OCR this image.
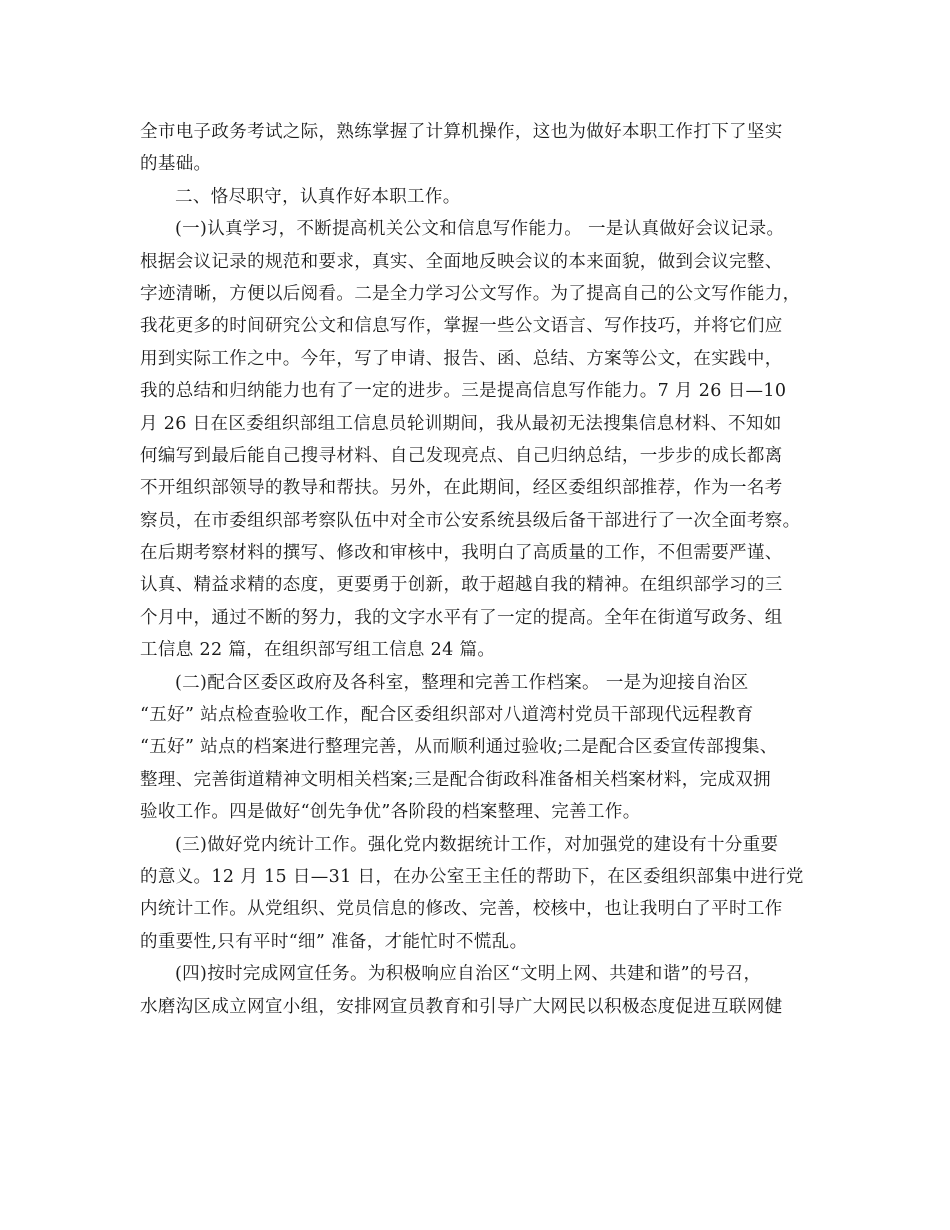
全市电子政务考试之际，熟练掌握了计算机操作，这也为做好本职工作打下了坚实
的基础。
二、恪尽职守，认真作好本职工作。
(一)认真学习，不断提高机关公文和信息写作能力。 一是认真做好会议记录。
根据会议记录的规范和要求，真实、全面地反映会议的本来面貌，做到会议完整、
字迹清晰，方便以后阅看。二是全力学习公文写作。为了提高自己的公文写作能力，
我花更多的时间研究公文和信息写作，掌握一些公文语言、写作技巧，并将它们应
用到实际工作之中。今年，写了申请、报告、函、总结、方案等公文，在实践中，
我的总结和归纳能力也有了一定的进步。三是提高信息写作能力。7 月 26 日—10
月 26 日在区委组织部组工信息员轮训期间，我从最初无法搜集信息材料、不知如
何编写到最后能自己搜寻材料、自己发现亮点、自己归纳总结，一步步的成长都离
不开组织部领导的教导和帮扶。另外，在此期间，经区委组织部推荐，作为一名考
察员，在市委组织部考察队伍中对全市公安系统县级后备干部进行了一次全面考察。
在后期考察材料的撰写、修改和审核中，我明白了高质量的工作，不但需要严谨、
认真、精益求精的态度，更要勇于创新，敢于超越自我的精神。在组织部学习的三
个月中，通过不断的努力，我的文字水平有了一定的提高。全年在街道写政务、组
工信息 22 篇，在组织部写组工信息 24 篇。
(二)配合区委区政府及各科室，整理和完善工作档案。 一是为迎接自治区
“五好” 站点检查验收工作，配合区委组织部对八道湾村党员干部现代远程教育
“五好” 站点的档案进行整理完善，从而顺利通过验收;二是配合区委宣传部搜集、
整理、完善街道精神文明相关档案;三是配合街政科准备相关档案材料，完成双拥
验收工作。四是做好“创先争优”各阶段的档案整理、完善工作。
(三)做好党内统计工作。强化党内数据统计工作，对加强党的建设有十分重要
的意义。12 月 15 日—31 日，在办公室王主任的帮助下，在区委组织部集中进行党
内统计工作。从党组织、党员信息的修改、完善，校核中，也让我明白了平时工作
的重要性,只有平时“细” 准备，才能忙时不慌乱。
(四)按时完成网宣任务。为积极响应自治区“文明上网、共建和谐”的号召，
水磨沟区成立网宣小组，安排网宣员教育和引导广大网民以积极态度促进互联网健
